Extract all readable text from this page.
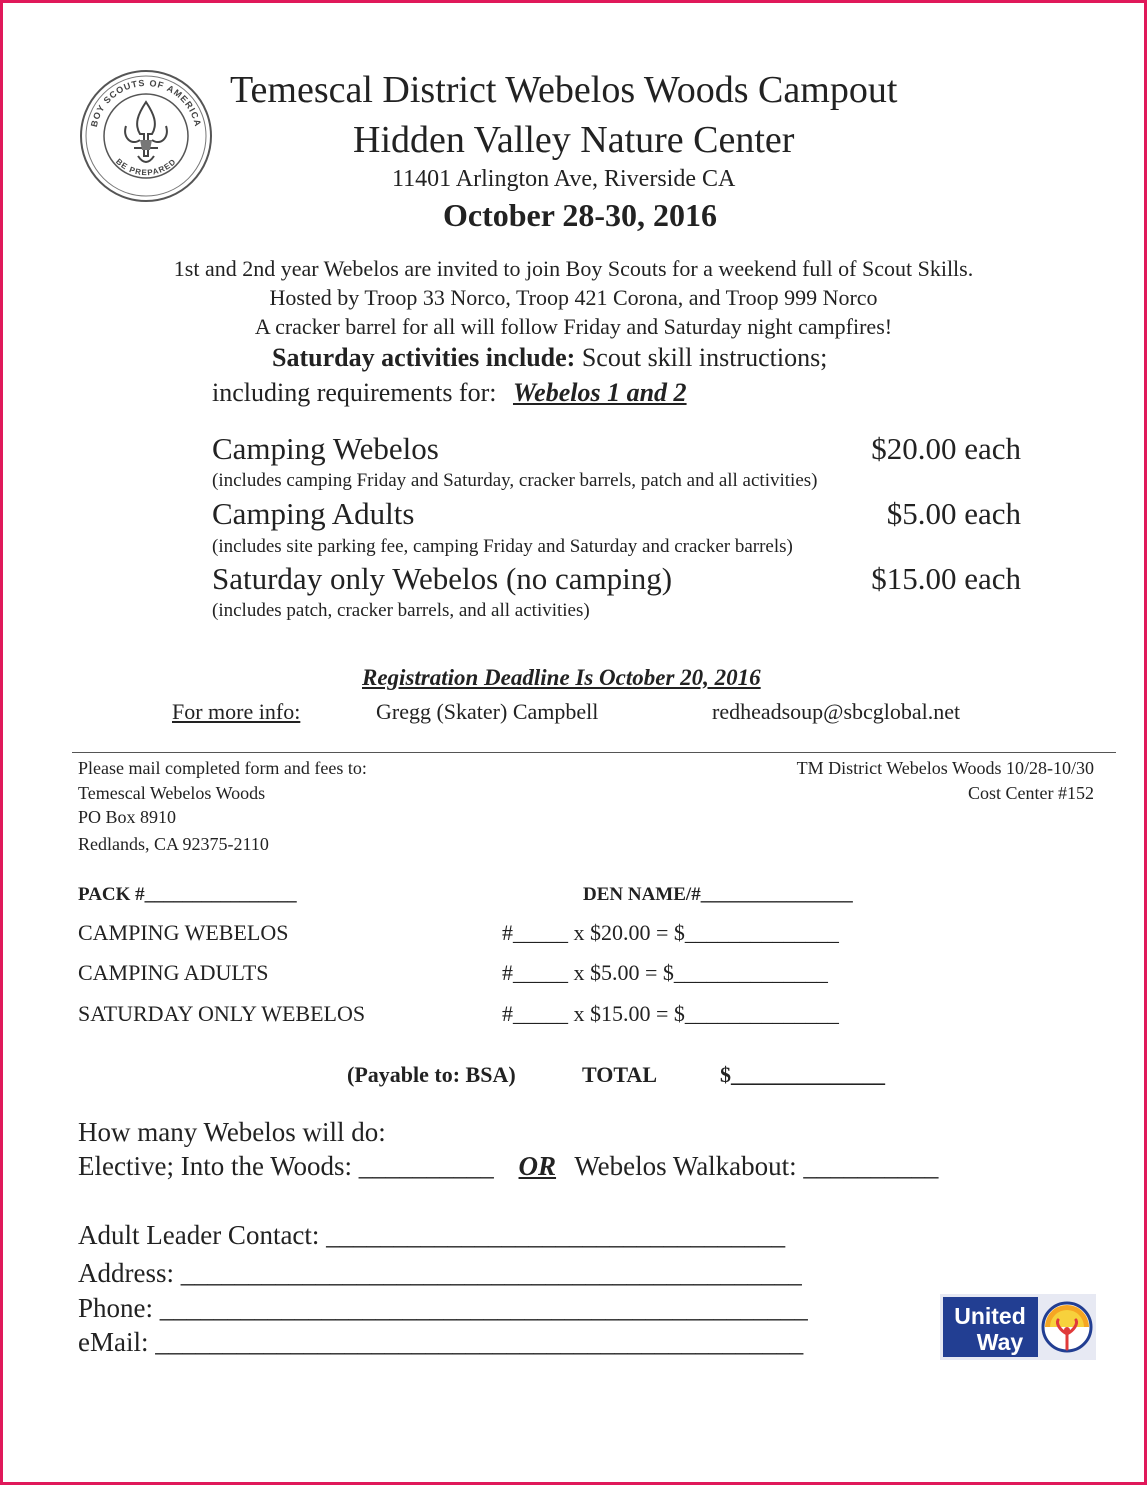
BOY SCOUTS OF AMERICA
BE PREPARED
Temescal District Webelos Woods Campout
Hidden Valley Nature Center
11401 Arlington Ave, Riverside CA
October 28-30, 2016
1st and 2nd year Webelos are invited to join Boy Scouts for a weekend full of Scout Skills.
Hosted by Troop 33 Norco, Troop 421 Corona, and Troop 999 Norco
A cracker barrel for all will follow Friday and Saturday night campfires!
Saturday activities include: Scout skill instructions;
including requirements for: Webelos 1 and 2
Camping Webelos	$20.00 each
(includes camping Friday and Saturday, cracker barrels, patch and all activities)
Camping Adults	$5.00 each
(includes site parking fee, camping Friday and Saturday and cracker barrels)
Saturday only Webelos (no camping)	$15.00 each
(includes patch, cracker barrels, and all activities)
Registration Deadline Is October 20, 2016
For more info:	Gregg (Skater) Campbell	redheadsoup@sbcglobal.net
Please mail completed form and fees to:
Temescal Webelos Woods
PO Box 8910
Redlands, CA 92375-2110
TM District Webelos Woods 10/28-10/30
Cost Center #152
PACK #________________	DEN NAME/#________________
CAMPING WEBELOS	#_____ x $20.00 = $______________
CAMPING ADULTS	#_____ x $5.00 = $______________
SATURDAY ONLY WEBELOS	#_____ x $15.00 = $______________
(Payable to: BSA)	TOTAL	$______________
How many Webelos will do:
Elective; Into the Woods: __________ OR Webelos Walkabout: __________
Adult Leader Contact: __________________________________
Address: ______________________________________________
Phone: ________________________________________________
eMail: ________________________________________________
United
Way
